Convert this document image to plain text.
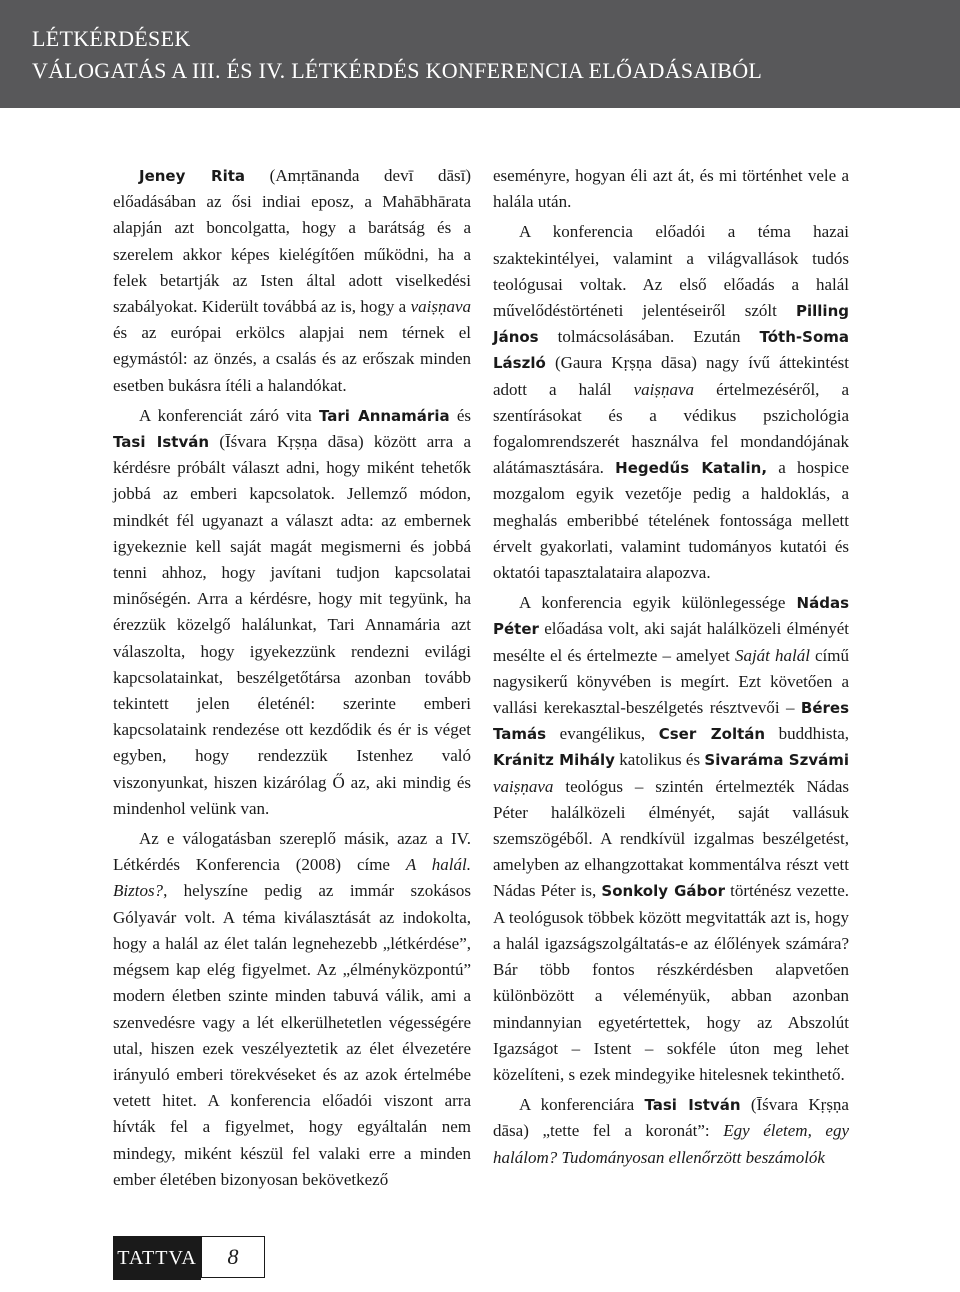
LÉTKÉRDÉSEK
VÁLOGATÁS A III. ÉS IV. LÉTKÉRDÉS KONFERENCIA ELŐADÁSAIBÓL

Jeney Rita (Amṛtānanda devī dāsī) előadásában az ősi indiai eposz, a Mahābhārata alapján azt boncolgatta, hogy a barátság és a szerelem akkor képes kielégítően működni, ha a felek betartják az Isten által adott viselkedési szabályokat. Kiderült továbbá az is, hogy a vaiṣṇava és az európai erkölcs alapjai nem térnek el egymástól: az önzés, a csalás és az erőszak minden esetben bukásra ítéli a halandókat.

A konferenciát záró vita Tari Annamária és Tasi István (Īśvara Kṛṣṇa dāsa) között arra a kérdésre próbált választ adni, hogy miként tehetők jobbá az emberi kapcsolatok. Jellemző módon, mindkét fél ugyanazt a választ adta: az embernek igyekeznie kell saját magát megismerni és jobbá tenni ahhoz, hogy javítani tudjon kapcsolatai minőségén. Arra a kérdésre, hogy mit tegyünk, ha érezzük közelgő halálunkat, Tari Annamária azt válaszolta, hogy igyekezzünk rendezni evilági kapcsolatainkat, beszélgetőtársa azonban tovább tekintett jelen életénél: szerinte emberi kapcsolataink rendezése ott kezdődik és ér is véget egyben, hogy rendezzük Istenhez való viszonyunkat, hiszen kizárólag Ő az, aki mindig és mindenhol velünk van.

Az e válogatásban szereplő másik, azaz a IV. Létkérdés Konferencia (2008) címe A halál. Biztos?, helyszíne pedig az immár szokásos Gólyavár volt. A téma kiválasztását az indokolta, hogy a halál az élet talán legnehezebb „létkérdése”, mégsem kap elég figyelmet. Az „élményközpontú” modern életben szinte minden tabuvá válik, ami a szenvedésre vagy a lét elkerülhetetlen végességére utal, hiszen ezek veszélyeztetik az élet élvezetére irányuló emberi törekvéseket és az azok értelmébe vetett hitet. A konferencia előadói viszont arra hívták fel a figyelmet, hogy egyáltalán nem mindegy, miként készül fel valaki erre a minden ember életében bizonyosan bekövetkező

eseményre, hogyan éli azt át, és mi történhet vele a halála után.

A konferencia előadói a téma hazai szaktekintélyei, valamint a világvallások tudós teológusai voltak. Az első előadás a halál művelődéstörténeti jelentéseiről szólt Pilling János tolmácsolásában. Ezután Tóth-Soma László (Gaura Kṛṣṇa dāsa) nagy ívű áttekintést adott a halál vaiṣṇava értelmezéséről, a szentírásokat és a védikus pszichológia fogalomrendszerét használva fel mondandójának alátámasztására. Hegedűs Katalin, a hospice mozgalom egyik vezetője pedig a haldoklás, a meghalás emberibbé tételének fontossága mellett érvelt gyakorlati, valamint tudományos kutatói és oktatói tapasztalataira alapozva.

A konferencia egyik különlegessége Nádas Péter előadása volt, aki saját halálközeli élményét mesélte el és értelmezte – amelyet Saját halál című nagysikerű könyvében is megírt. Ezt követően a vallási kerekasztal-beszélgetés résztvevői – Béres Tamás evangélikus, Cser Zoltán buddhista, Kránitz Mihály katolikus és Sivaráma Szvámi vaiṣṇava teológus – szintén értelmezték Nádas Péter halálközeli élményét, saját vallásuk szemszögéből. A rendkívül izgalmas beszélgetést, amelyben az elhangzottakat kommentálva részt vett Nádas Péter is, Sonkoly Gábor történész vezette. A teológusok többek között megvitatták azt is, hogy a halál igazságszolgáltatás-e az élőlények számára? Bár több fontos részkérdésben alapvetően különbözött a véleményük, abban azonban mindannyian egyetértettek, hogy az Abszolút Igazságot – Istent – sokféle úton meg lehet közelíteni, s ezek mindegyike hitelesnek tekinthető.

A konferenciára Tasi István (Īśvara Kṛṣṇa dāsa) „tette fel a koronát”: Egy életem, egy halálom? Tudományosan ellenőrzött beszámolók

TATTVA	8
